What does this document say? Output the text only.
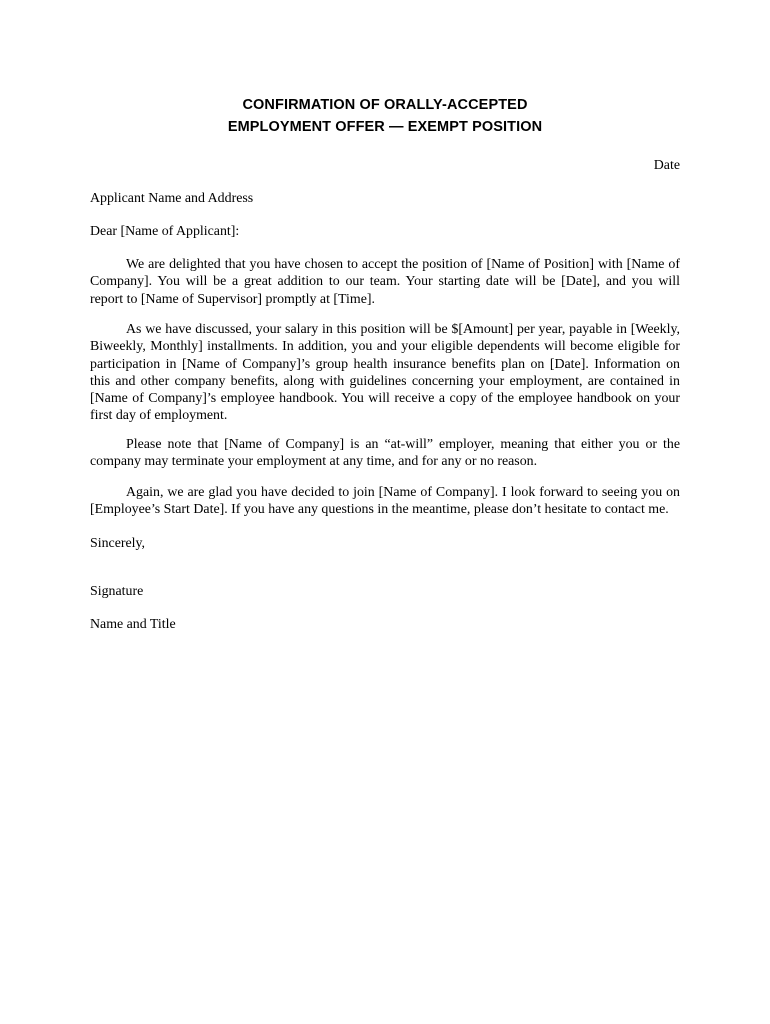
CONFIRMATION OF ORALLY-ACCEPTED
EMPLOYMENT OFFER — EXEMPT POSITION
Date
Applicant Name and Address
Dear [Name of Applicant]:
We are delighted that you have chosen to accept the position of [Name of Position] with [Name of
Company]. You will be a great addition to our team. Your starting date will be [Date], and you will
report to [Name of Supervisor] promptly at [Time].
As we have discussed, your salary in this position will be $[Amount] per year, payable in [Weekly,
Biweekly, Monthly] installments. In addition, you and your eligible dependents will become eligible for
participation in [Name of Company]’s group health insurance benefits plan on [Date]. Information on
this and other company benefits, along with guidelines concerning your employment, are contained in
[Name of Company]’s employee handbook. You will receive a copy of the employee handbook on your
first day of employment.
Please note that [Name of Company] is an “at-will” employer, meaning that either you or the
company may terminate your employment at any time, and for any or no reason.
Again, we are glad you have decided to join [Name of Company]. I look forward to seeing you on
[Employee’s Start Date]. If you have any questions in the meantime, please don’t hesitate to contact me.
Sincerely,
Signature
Name and Title
